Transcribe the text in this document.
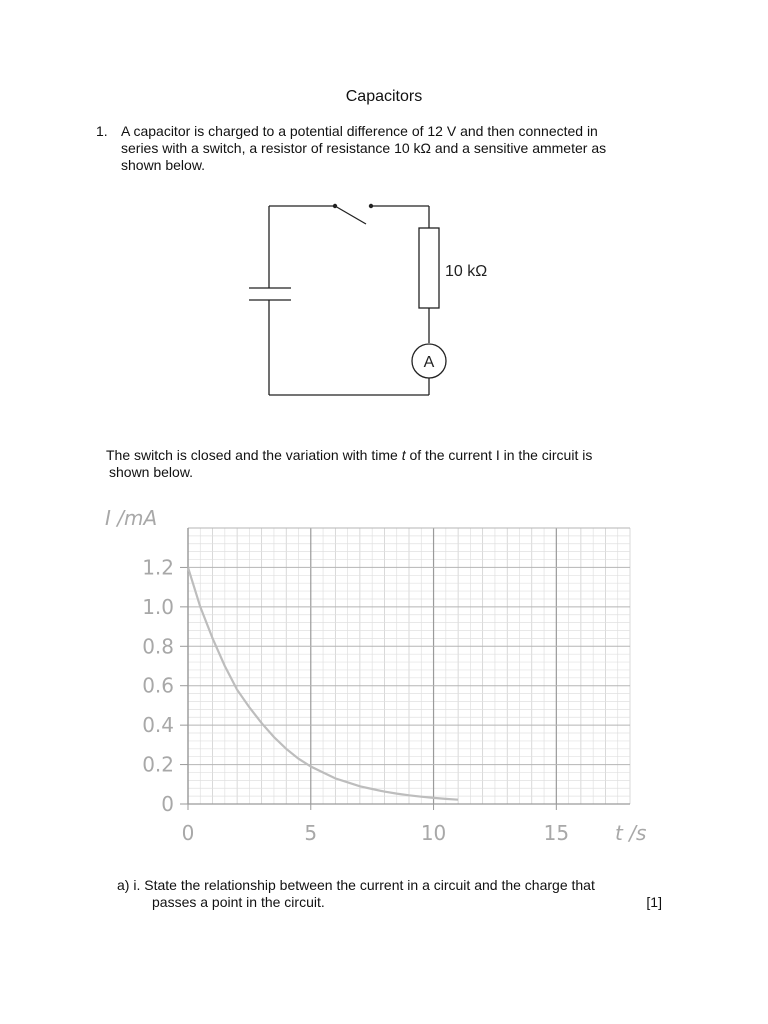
Capacitors
1. A capacitor is charged to a potential difference of 12 V and then connected in
series with a switch, a resistor of resistance 10 kΩ and a sensitive ammeter as
shown below.
10 kΩ
A
The switch is closed and the variation with time t of the current I in the circuit is
shown below.
0	5	10	15
0
0.2
0.4
0.6
0.8
1.0
1.2
I /mA
t /s
a) i. State the relationship between the current in a circuit and the charge that
passes a point in the circuit.	[1]
